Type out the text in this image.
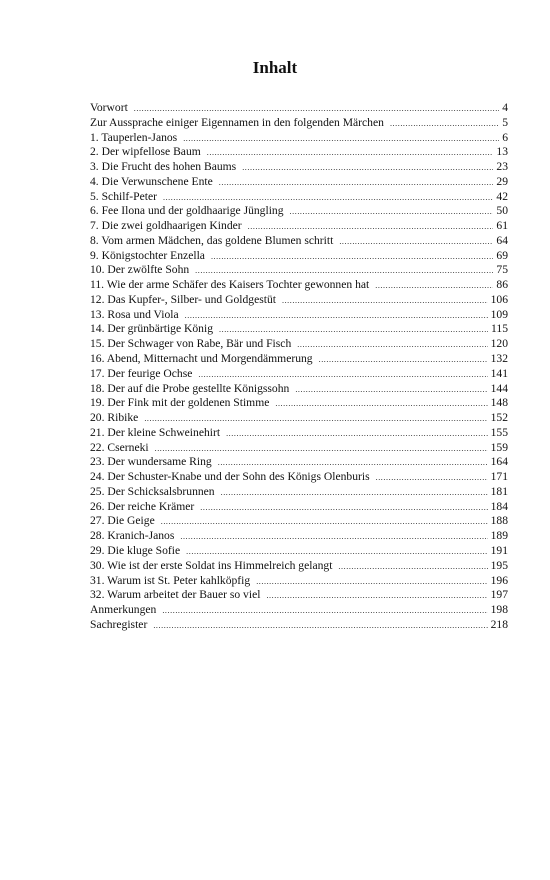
Inhalt
Vorwort .....	4
Zur Aussprache einiger Eigennamen in den folgenden Märchen .....	5
1. Tauperlen-Janos .....	6
2. Der wipfellose Baum .....	13
3. Die Frucht des hohen Baums .....	23
4. Die Verwunschene Ente .....	29
5. Schilf-Peter .....	42
6. Fee Ilona und der goldhaarige Jüngling .....	50
7. Die zwei goldhaarigen Kinder .....	61
8. Vom armen Mädchen, das goldene Blumen schritt .....	64
9. Königstochter Enzella .....	69
10. Der zwölfte Sohn .....	75
11. Wie der arme Schäfer des Kaisers Tochter gewonnen hat .....	86
12. Das Kupfer-, Silber- und Goldgestüt .....	106
13. Rosa und Viola .....	109
14. Der grünbärtige König .....	115
15. Der Schwager von Rabe, Bär und Fisch .....	120
16. Abend, Mitternacht und Morgendämmerung .....	132
17. Der feurige Ochse .....	141
18. Der auf die Probe gestellte Königssohn .....	144
19. Der Fink mit der goldenen Stimme .....	148
20. Ribike .....	152
21. Der kleine Schweinehirt .....	155
22. Cserneki .....	159
23. Der wundersame Ring .....	164
24. Der Schuster-Knabe und der Sohn des Königs Olenburis .....	171
25. Der Schicksalsbrunnen .....	181
26. Der reiche Krämer .....	184
27. Die Geige .....	188
28. Kranich-Janos .....	189
29. Die kluge Sofie .....	191
30. Wie ist der erste Soldat ins Himmelreich gelangt .....	195
31. Warum ist St. Peter kahlköpfig .....	196
32. Warum arbeitet der Bauer so viel .....	197
Anmerkungen .....	198
Sachregister .....	218
